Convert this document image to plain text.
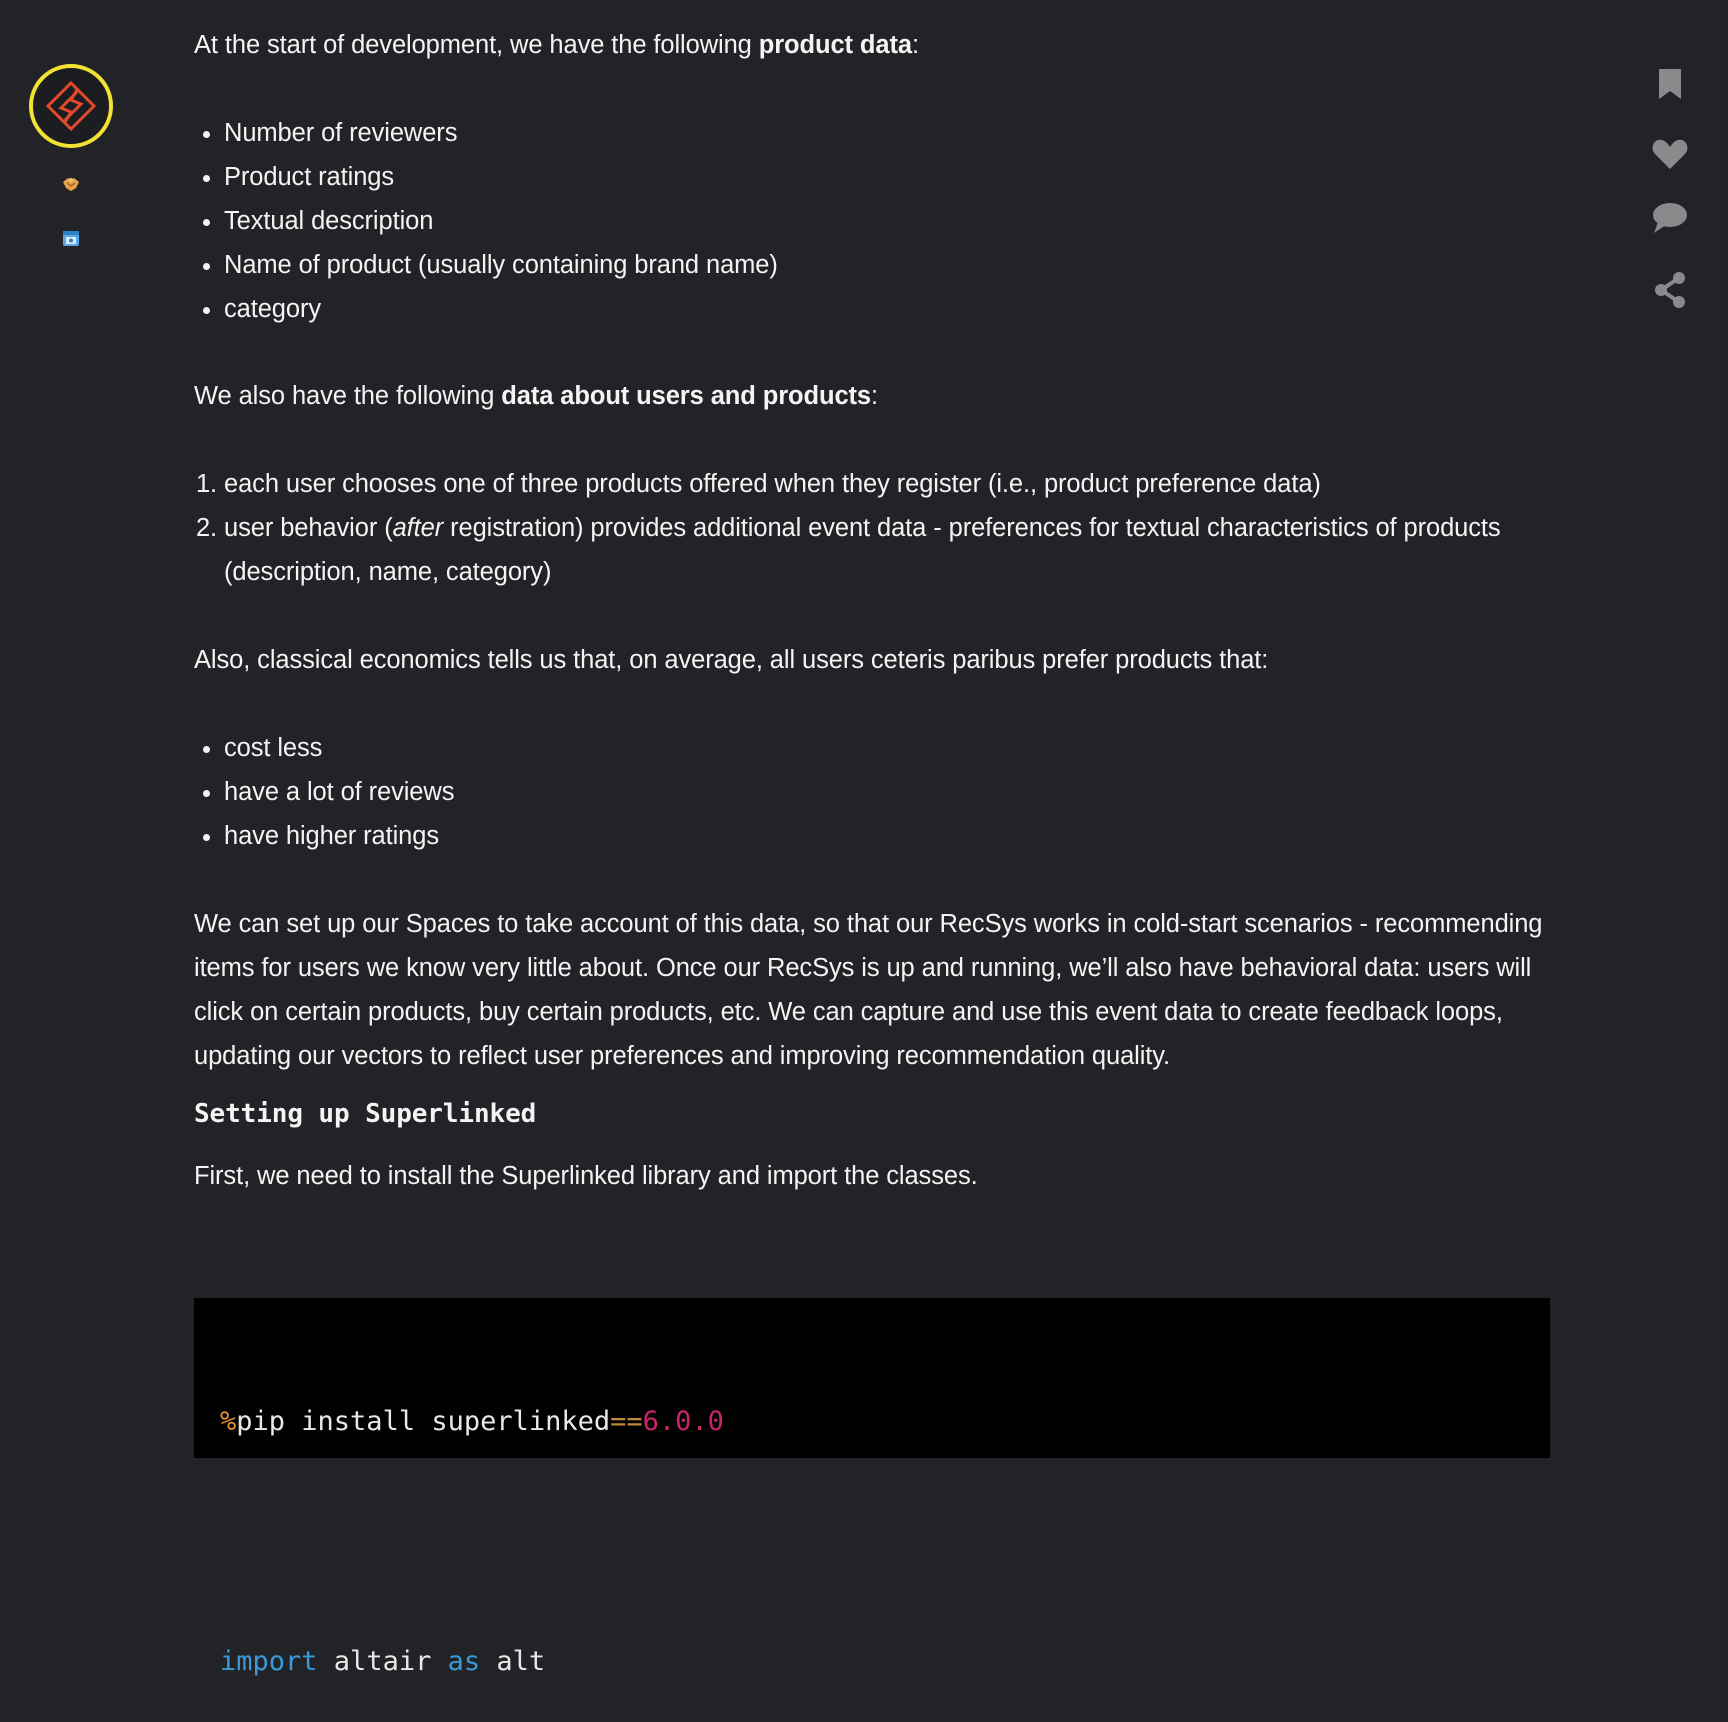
At the start of development, we have the following product data:

• Number of reviewers
• Product ratings
• Textual description
• Name of product (usually containing brand name)
• category

We also have the following data about users and products:

1. each user chooses one of three products offered when they register (i.e., product preference data)
2. user behavior (after registration) provides additional event data - preferences for textual characteristics of products (description, name, category)

Also, classical economics tells us that, on average, all users ceteris paribus prefer products that:

• cost less
• have a lot of reviews
• have higher ratings

We can set up our Spaces to take account of this data, so that our RecSys works in cold-start scenarios - recommending items for users we know very little about. Once our RecSys is up and running, we’ll also have behavioral data: users will click on certain products, buy certain products, etc. We can capture and use this event data to create feedback loops, updating our vectors to reflect user preferences and improving recommendation quality.

Setting up Superlinked

First, we need to install the Superlinked library and import the classes.

%pip install superlinked==6.0.0

import altair as alt
